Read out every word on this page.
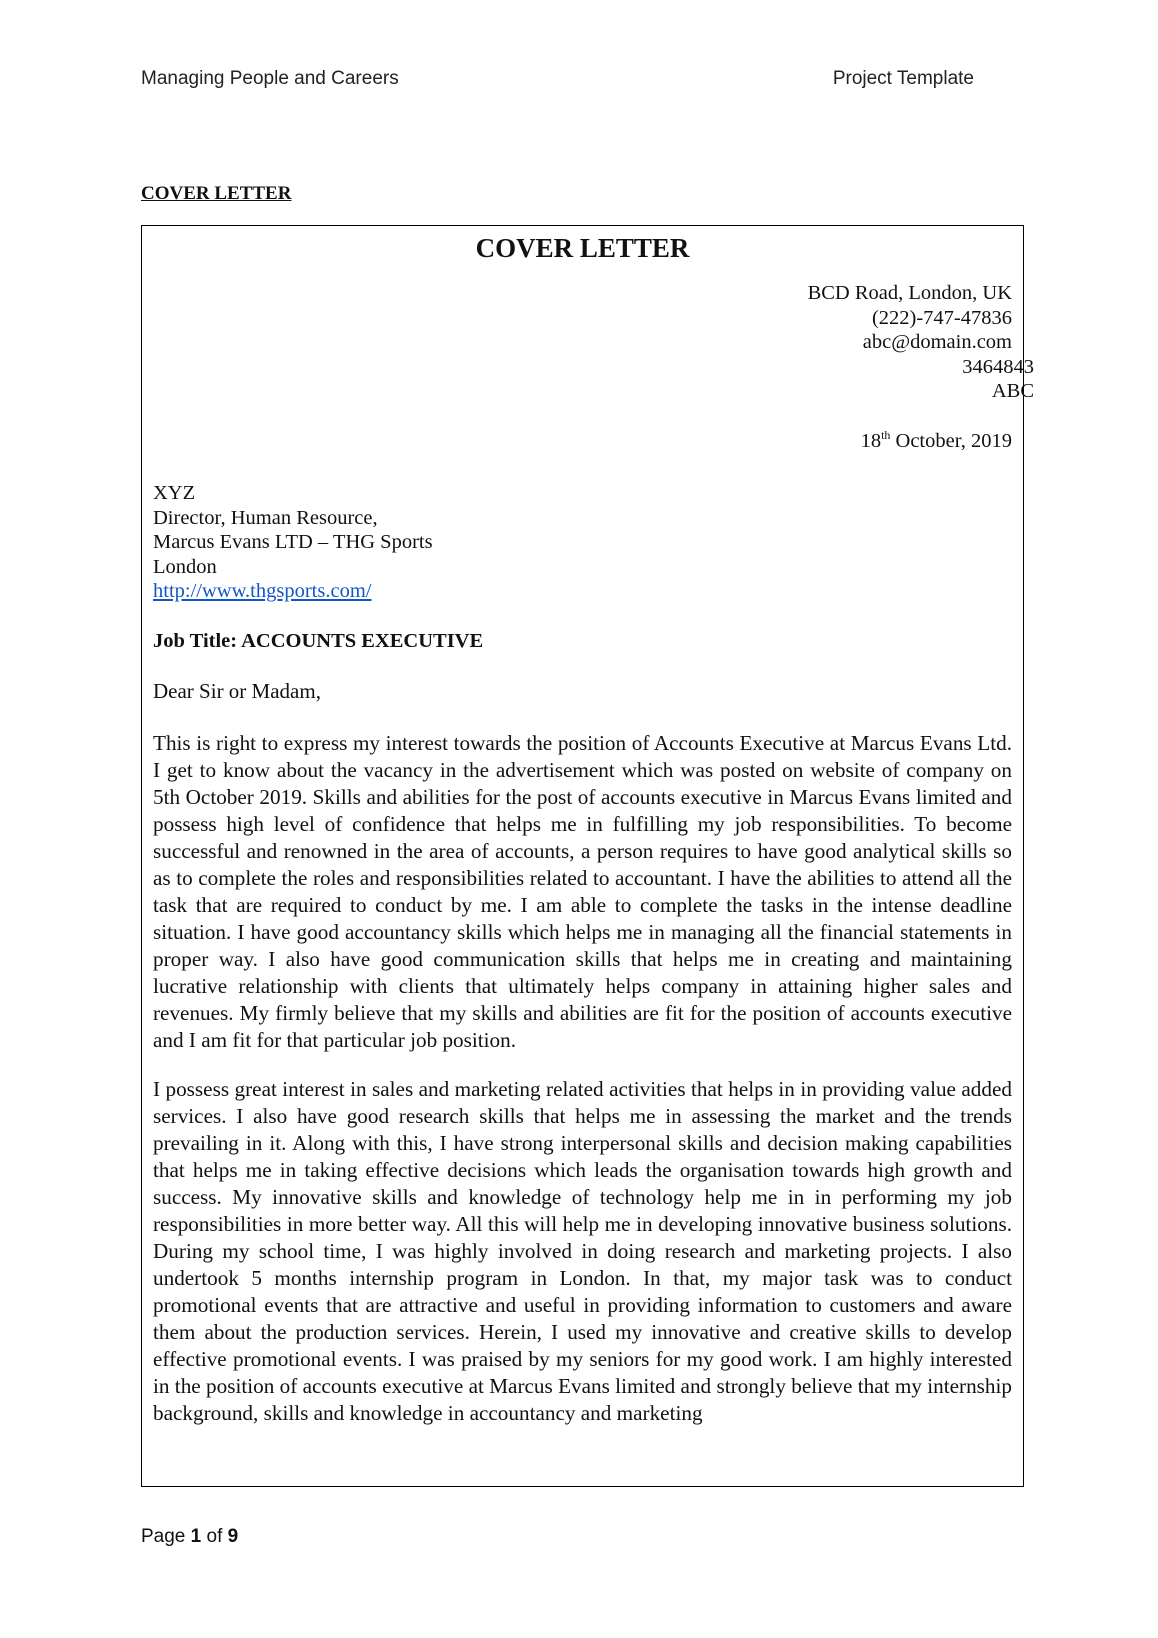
Managing People and Careers	Project Template
COVER LETTER
COVER LETTER
BCD Road, London, UK
(222)-747-47836
abc@domain.com
3464843
ABC
18th October, 2019
XYZ
Director, Human Resource,
Marcus Evans LTD – THG Sports
London
http://www.thgsports.com/
Job Title: ACCOUNTS EXECUTIVE
Dear Sir or Madam,

This is right to express my interest towards the position of Accounts Executive at Marcus Evans Ltd. I get to know about the vacancy in the advertisement which was posted on website of company on 5th October 2019. Skills and abilities for the post of accounts executive in Marcus Evans limited and possess high level of confidence that helps me in fulfilling my job responsibilities. To become successful and renowned in the area of accounts, a person requires to have good analytical skills so as to complete the roles and responsibilities related to accountant. I have the abilities to attend all the task that are required to conduct by me. I am able to complete the tasks in the intense deadline situation. I have good accountancy skills which helps me in managing all the financial statements in proper way. I also have good communication skills that helps me in creating and maintaining lucrative relationship with clients that ultimately helps company in attaining higher sales and revenues. My firmly believe that my skills and abilities are fit for the position of accounts executive and I am fit for that particular job position.

I possess great interest in sales and marketing related activities that helps in in providing value added services. I also have good research skills that helps me in assessing the market and the trends prevailing in it. Along with this, I have strong interpersonal skills and decision making capabilities that helps me in taking effective decisions which leads the organisation towards high growth and success. My innovative skills and knowledge of technology help me in in performing my job responsibilities in more better way. All this will help me in developing innovative business solutions. During my school time, I was highly involved in doing research and marketing projects. I also undertook 5 months internship program in London. In that, my major task was to conduct promotional events that are attractive and useful in providing information to customers and aware them about the production services. Herein, I used my innovative and creative skills to develop effective promotional events. I was praised by my seniors for my good work. I am highly interested in the position of accounts executive at Marcus Evans limited and strongly believe that my internship background, skills and knowledge in accountancy and marketing

Page 1 of 9
